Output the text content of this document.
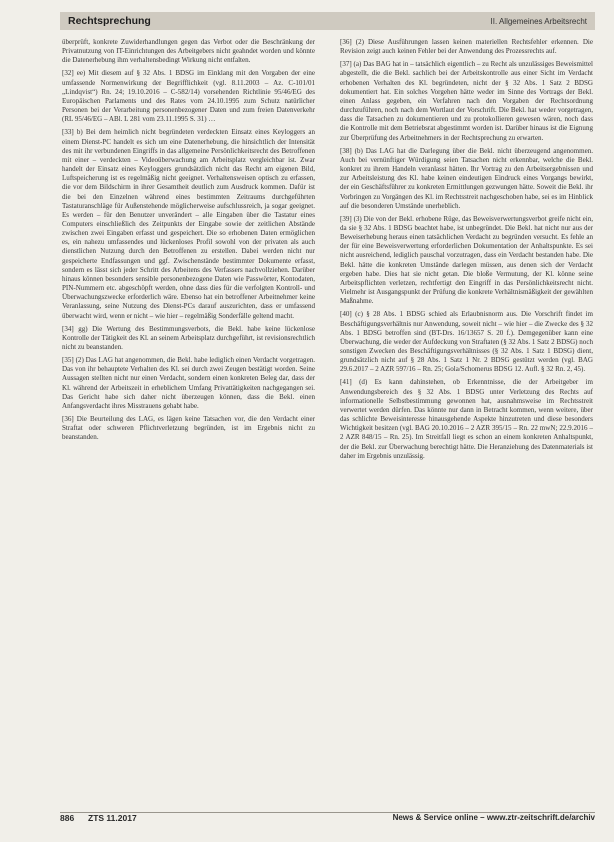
Rechtsprechung	II. Allgemeines Arbeitsrecht

überprüft, konkrete Zuwiderhandlungen gegen das Verbot oder die Beschränkung der Privatnutzung von IT-Einrichtungen des Arbeitgebers nicht geahndet worden und könnte die Datenerhebung ihm verhaltensbedingt Wirkung nicht entfalten.

[32] ee) Mit diesem auf § 32 Abs. 1 BDSG im Einklang mit den Vorgaben der eine umfassende Normenwirkung der Begrifflichkeit (vgl. 8.11.2003 – Az. C-101/01 „Lindqvist“) Rn. 24; 19.10.2016 – C-582/14) vorsehenden Richtlinie 95/46/EG des Europäischen Parlaments und des Rates vom 24.10.1995 zum Schutz natürlicher Personen bei der Verarbeitung personenbezogener Daten und zum freien Datenverkehr (RL 95/46/EG – ABl. L 281 vom 23.11.1995 S. 31) …

[33] b) Bei dem heimlich nicht begründeten verdeckten Einsatz eines Keyloggers an einem Dienst-PC handelt es sich um eine Datenerhebung, die hinsichtlich der Intensität des mit ihr verbundenen Eingriffs in das allgemeine Persönlichkeitsrecht des Betroffenen mit einer – verdeckten – Videoüberwachung am Arbeitsplatz vergleichbar ist. Zwar handelt der Einsatz eines Keyloggers grundsätzlich nicht das Recht am eigenen Bild, Luftspeicherung ist es regelmäßig nicht geeignet. Verhaltensweisen optisch zu erfassen, die vor dem Bildschirm in ihrer Gesamtheit deutlich zum Ausdruck kommen. Dafür ist die bei den Einzelnen während eines bestimmten Zeitraums durchgeführten Tastaturanschläge für Außenstehende möglicherweise aufschlussreich, ja sogar geeignet. Es werden – für den Benutzer unverändert – alle Eingaben über die Tastatur eines Computers einschließlich des Zeitpunkts der Eingabe sowie der zeitlichen Abstände zwischen zwei Eingaben erfasst und gespeichert. Die so erhobenen Daten ermöglichen es, ein nahezu umfassendes und lückenloses Profil sowohl von der privaten als auch dienstlichen Nutzung durch den Betroffenen zu erstellen. Dabei werden nicht nur gespeicherte Endfassungen und ggf. Zwischenstände bestimmter Dokumente erfasst, sondern es lässt sich jeder Schritt des Arbeitens des Verfassers nachvollziehen. Darüber hinaus können besonders sensible personenbezogene Daten wie Passwörter, Kontodaten, PIN-Nummern etc. abgeschöpft werden, ohne dass dies für die verfolgten Kontroll- und Überwachungszwecke erforderlich wäre. Ebenso hat ein betroffener Arbeitnehmer keine Veranlassung, seine Nutzung des Dienst-PCs darauf auszurichten, dass er umfassend überwacht wird, wenn er nicht – wie hier – regelmäßig Sonderfälle geltend macht.

[34] gg) Die Wertung des Bestimmungsverbots, die Bekl. habe keine lückenlose Kontrolle der Tätigkeit des Kl. an seinem Arbeitsplatz durchgeführt, ist revisionsrechtlich nicht zu beanstanden.

[35] (2) Das LAG hat angenommen, die Bekl. habe lediglich einen Verdacht vorgetragen. Das von ihr behauptete Verhalten des Kl. sei durch zwei Zeugen bestätigt worden. Seine Aussagen stellten nicht nur einen Verdacht, sondern einen konkreten Beleg dar, dass der Kl. während der Arbeitszeit in erheblichem Umfang Privattätigkeiten nachgegangen sei. Das Gericht habe sich daher nicht überzeugen können, dass die Bekl. einen Anfangsverdacht ihres Misstrauens gehabt habe.

[36] Die Beurteilung des LAG, es lägen keine Tatsachen vor, die den Verdacht einer Straftat oder schweren Pflichtverletzung begründen, ist im Ergebnis nicht zu beanstanden.

[36] (2) Diese Ausführungen lassen keinen materiellen Rechtsfehler erkennen. Die Revision zeigt auch keinen Fehler bei der Anwendung des Prozessrechts auf.

[37] (a) Das BAG hat in – tatsächlich eigentlich – zu Recht als unzulässiges Beweismittel abgestellt, die die Bekl. sachlich bei der Arbeitskontrolle aus einer Sicht im Verdacht erhobenen Verhalten des Kl. begründeten, nicht der § 32 Abs. 1 Satz 2 BDSG dokumentiert hat. Ein solches Vorgehen hätte weder im Sinne des Vortrags der Bekl. einen Anlass gegeben, ein Verfahren nach den Vorgaben der Rechtsordnung durchzuführen, noch nach dem Wortlaut der Vorschrift. Die Bekl. hat weder vorgetragen, dass die Tatsachen zu dokumentieren und zu protokollieren gewesen wären, noch dass die Kontrolle mit dem Betriebsrat abgestimmt worden ist. Darüber hinaus ist die Eignung zur Überprüfung des Arbeitnehmers in der Rechtsprechung zu erwarten.

[38] (b) Das LAG hat die Darlegung über die Bekl. nicht überzeugend angenommen. Auch bei vernünftiger Würdigung seien Tatsachen nicht erkennbar, welche die Bekl. konkret zu ihrem Handeln veranlasst hätten. Ihr Vortrag zu den Arbeitsergebnissen und zur Arbeitsleistung des Kl. habe keinen eindeutigen Eindruck eines Vorgangs bewirkt, der ein Geschäftsführer zu konkreten Ermittlungen gezwungen hätte. Soweit die Bekl. ihr Vorbringen zu Vorgängen des Kl. im Rechtsstreit nachgeschoben habe, sei es im Hinblick auf die besonderen Umstände unerheblich.

[39] (3) Die von der Bekl. erhobene Rüge, das Beweisverwertungsverbot greife nicht ein, da sie § 32 Abs. 1 BDSG beachtet habe, ist unbegründet. Die Bekl. hat nicht nur aus der Beweiserhebung heraus einen tatsächlichen Verdacht zu begründen versucht. Es fehle an der für eine Beweisverwertung erforderlichen Dokumentation der Anhaltspunkte. Es sei nicht ausreichend, lediglich pauschal vorzutragen, dass ein Verdacht bestanden habe. Die Bekl. hätte die konkreten Umstände darlegen müssen, aus denen sich der Verdacht ergeben habe. Dies hat sie nicht getan. Die bloße Vermutung, der Kl. könne seine Arbeitspflichten verletzen, rechtfertigt den Eingriff in das Persönlichkeitsrecht nicht. Vielmehr ist Ausgangspunkt der Prüfung die konkrete Verhältnismäßigkeit der gewählten Maßnahme.

[40] (c) § 28 Abs. 1 BDSG schied als Erlaubnisnorm aus. Die Vorschrift findet im Beschäftigungsverhältnis nur Anwendung, soweit nicht – wie hier – die Zwecke des § 32 Abs. 1 BDSG betroffen sind (BT-Drs. 16/13657 S. 20 f.). Demgegenüber kann eine Überwachung, die weder der Aufdeckung von Straftaten (§ 32 Abs. 1 Satz 2 BDSG) noch sonstigen Zwecken des Beschäftigungsverhältnisses (§ 32 Abs. 1 Satz 1 BDSG) dient, grundsätzlich nicht auf § 28 Abs. 1 Satz 1 Nr. 2 BDSG gestützt werden (vgl. BAG 29.6.2017 – 2 AZR 597/16 – Rn. 25; Gola/Schomerus BDSG 12. Aufl. § 32 Rn. 2, 45).

[41] (d) Es kann dahinstehen, ob Erkenntnisse, die der Arbeitgeber im Anwendungsbereich des § 32 Abs. 1 BDSG unter Verletzung des Rechts auf informationelle Selbstbestimmung gewonnen hat, ausnahmsweise im Rechtsstreit verwertet werden dürfen. Das könnte nur dann in Betracht kommen, wenn weitere, über das schlichte Beweisinteresse hinausgehende Aspekte hinzutreten und diese besonders Wichtigkeit besitzen (vgl. BAG 20.10.2016 – 2 AZR 395/15 – Rn. 22 mwN; 22.9.2016 – 2 AZR 848/15 – Rn. 25). Im Streitfall liegt es schon an einem konkreten Anhaltspunkt, der die Bekl. zur Überwachung berechtigt hätte. Die Heranziehung des Datenmaterials ist daher im Ergebnis unzulässig.

886 ZTS 11.2017	News & Service online – www.ztr-zeitschrift.de/archiv
